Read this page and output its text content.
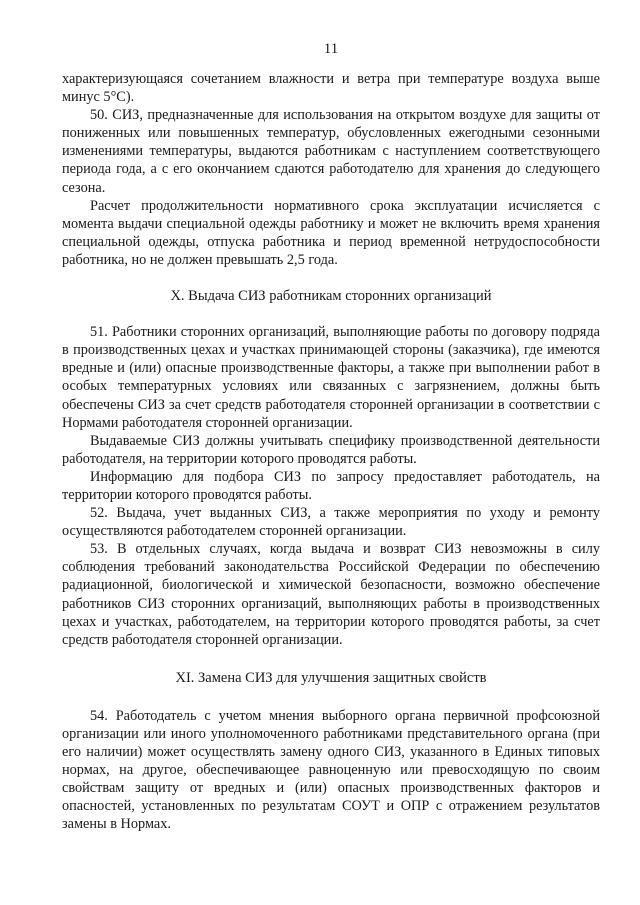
11

характеризующаяся сочетанием влажности и ветра при температуре воздуха выше минус 5°С).

50. СИЗ, предназначенные для использования на открытом воздухе для защиты от пониженных или повышенных температур, обусловленных ежегодными сезонными изменениями температуры, выдаются работникам с наступлением соответствующего периода года, а с его окончанием сдаются работодателю для хранения до следующего сезона.

Расчет продолжительности нормативного срока эксплуатации исчисляется с момента выдачи специальной одежды работнику и может не включить время хранения специальной одежды, отпуска работника и период временной нетрудоспособности работника, но не должен превышать 2,5 года.

X. Выдача СИЗ работникам сторонних организаций

51. Работники сторонних организаций, выполняющие работы по договору подряда в производственных цехах и участках принимающей стороны (заказчика), где имеются вредные и (или) опасные производственные факторы, а также при выполнении работ в особых температурных условиях или связанных с загрязнением, должны быть обеспечены СИЗ за счет средств работодателя сторонней организации в соответствии с Нормами работодателя сторонней организации.

Выдаваемые СИЗ должны учитывать специфику производственной деятельности работодателя, на территории которого проводятся работы.

Информацию для подбора СИЗ по запросу предоставляет работодатель, на территории которого проводятся работы.

52. Выдача, учет выданных СИЗ, а также мероприятия по уходу и ремонту осуществляются работодателем сторонней организации.

53. В отдельных случаях, когда выдача и возврат СИЗ невозможны в силу соблюдения требований законодательства Российской Федерации по обеспечению радиационной, биологической и химической безопасности, возможно обеспечение работников СИЗ сторонних организаций, выполняющих работы в производственных цехах и участках, работодателем, на территории которого проводятся работы, за счет средств работодателя сторонней организации.

XI. Замена СИЗ для улучшения защитных свойств

54. Работодатель с учетом мнения выборного органа первичной профсоюзной организации или иного уполномоченного работниками представительного органа (при его наличии) может осуществлять замену одного СИЗ, указанного в Единых типовых нормах, на другое, обеспечивающее равноценную или превосходящую по своим свойствам защиту от вредных и (или) опасных производственных факторов и опасностей, установленных по результатам СОУТ и ОПР с отражением результатов замены в Нормах.
